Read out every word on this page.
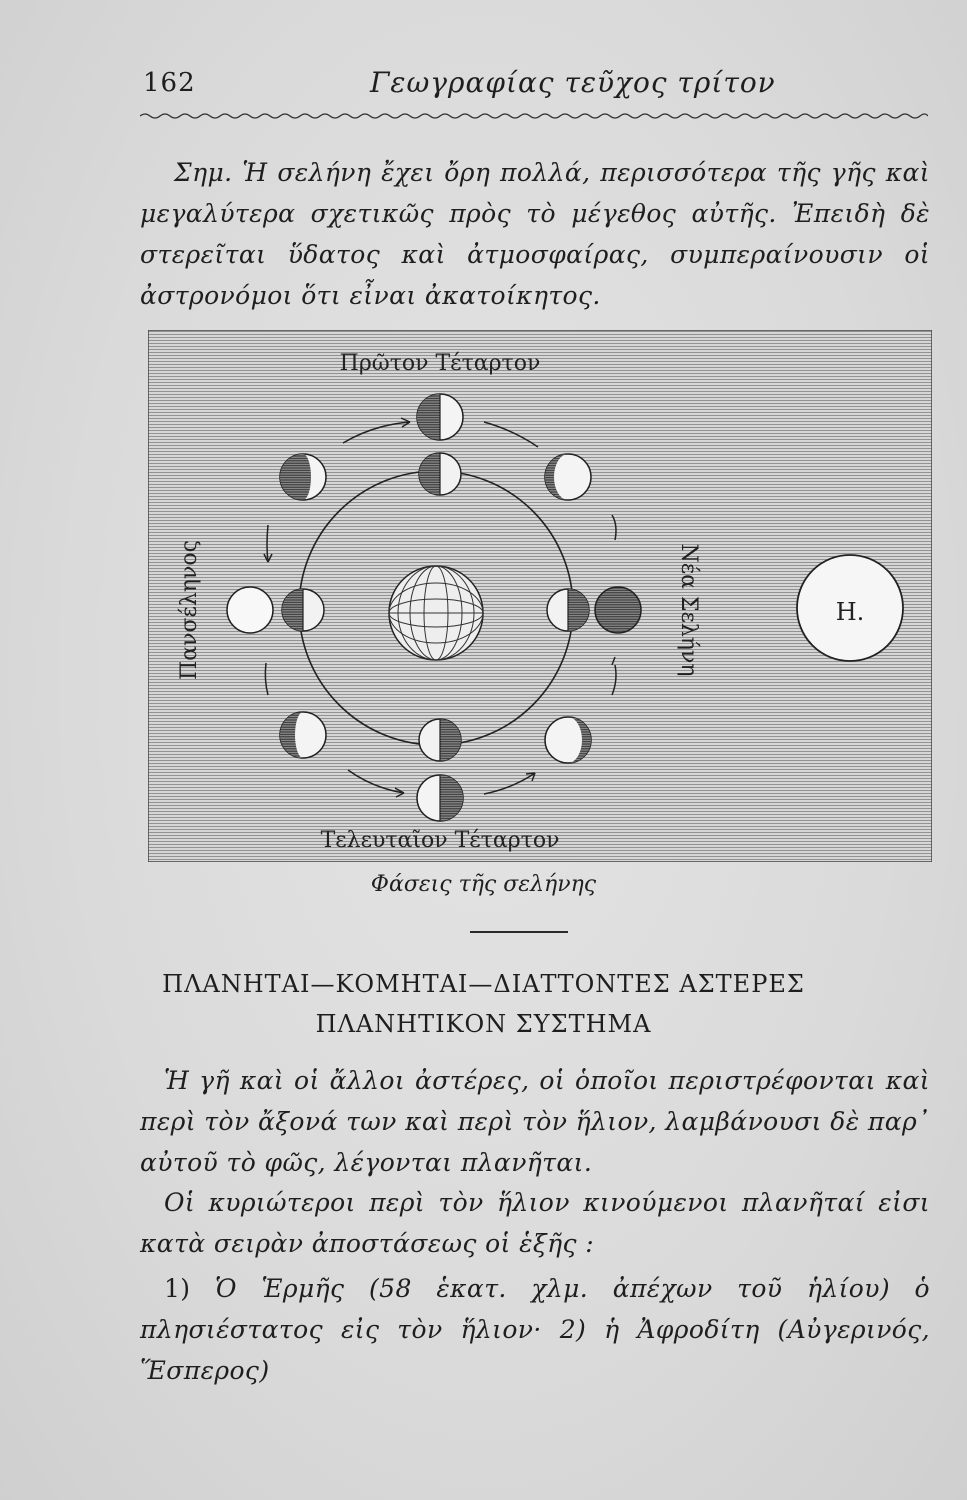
162	Γεωγραφίας τεῦχος τρίτον
Σημ. Ἡ σελήνη ἔχει ὄρη πολλά, περισσότερα τῆς γῆς καὶ μεγαλύτερα σχετικῶς πρὸς τὸ μέγεθος αὐτῆς. Ἐπειδὴ δὲ στερεῖται ὕδατος καὶ ἀτμοσφαίρας, συμπεραίνουσιν οἱ ἀστρονόμοι ὅτι εἶναι ἀκατοίκητος.
Η.
Πρῶτον Τέταρτον
Τελευταῖον Τέταρτον
Πανσέληνος	Νέα Σελήνη
Φάσεις τῆς σελήνης
ΠΛΑΝΗΤΑΙ—ΚΟΜΗΤΑΙ—ΔΙΑΤΤΟΝΤΕΣ ΑΣΤΕΡΕΣ
ΠΛΑΝΗΤΙΚΟΝ ΣΥΣΤΗΜΑ
Ἡ γῆ καὶ οἱ ἄλλοι ἀστέρες, οἱ ὁποῖοι περιστρέφονται καὶ περὶ τὸν ἄξονά των καὶ περὶ τὸν ἥλιον, λαμβάνουσι δὲ παρ᾽ αὐτοῦ τὸ φῶς, λέγονται πλανῆται.
Οἱ κυριώτεροι περὶ τὸν ἥλιον κινούμενοι πλανῆταί εἰσι κατὰ σειρὰν ἀποστάσεως οἱ ἑξῆς :
1) Ὁ Ἑρμῆς (58 ἑκατ. χλμ. ἀπέχων τοῦ ἡλίου) ὁ πλησιέστατος εἰς τὸν ἥλιον· 2) ἡ Ἀφροδίτη (Αὐγερινός, Ἕσπερος)
